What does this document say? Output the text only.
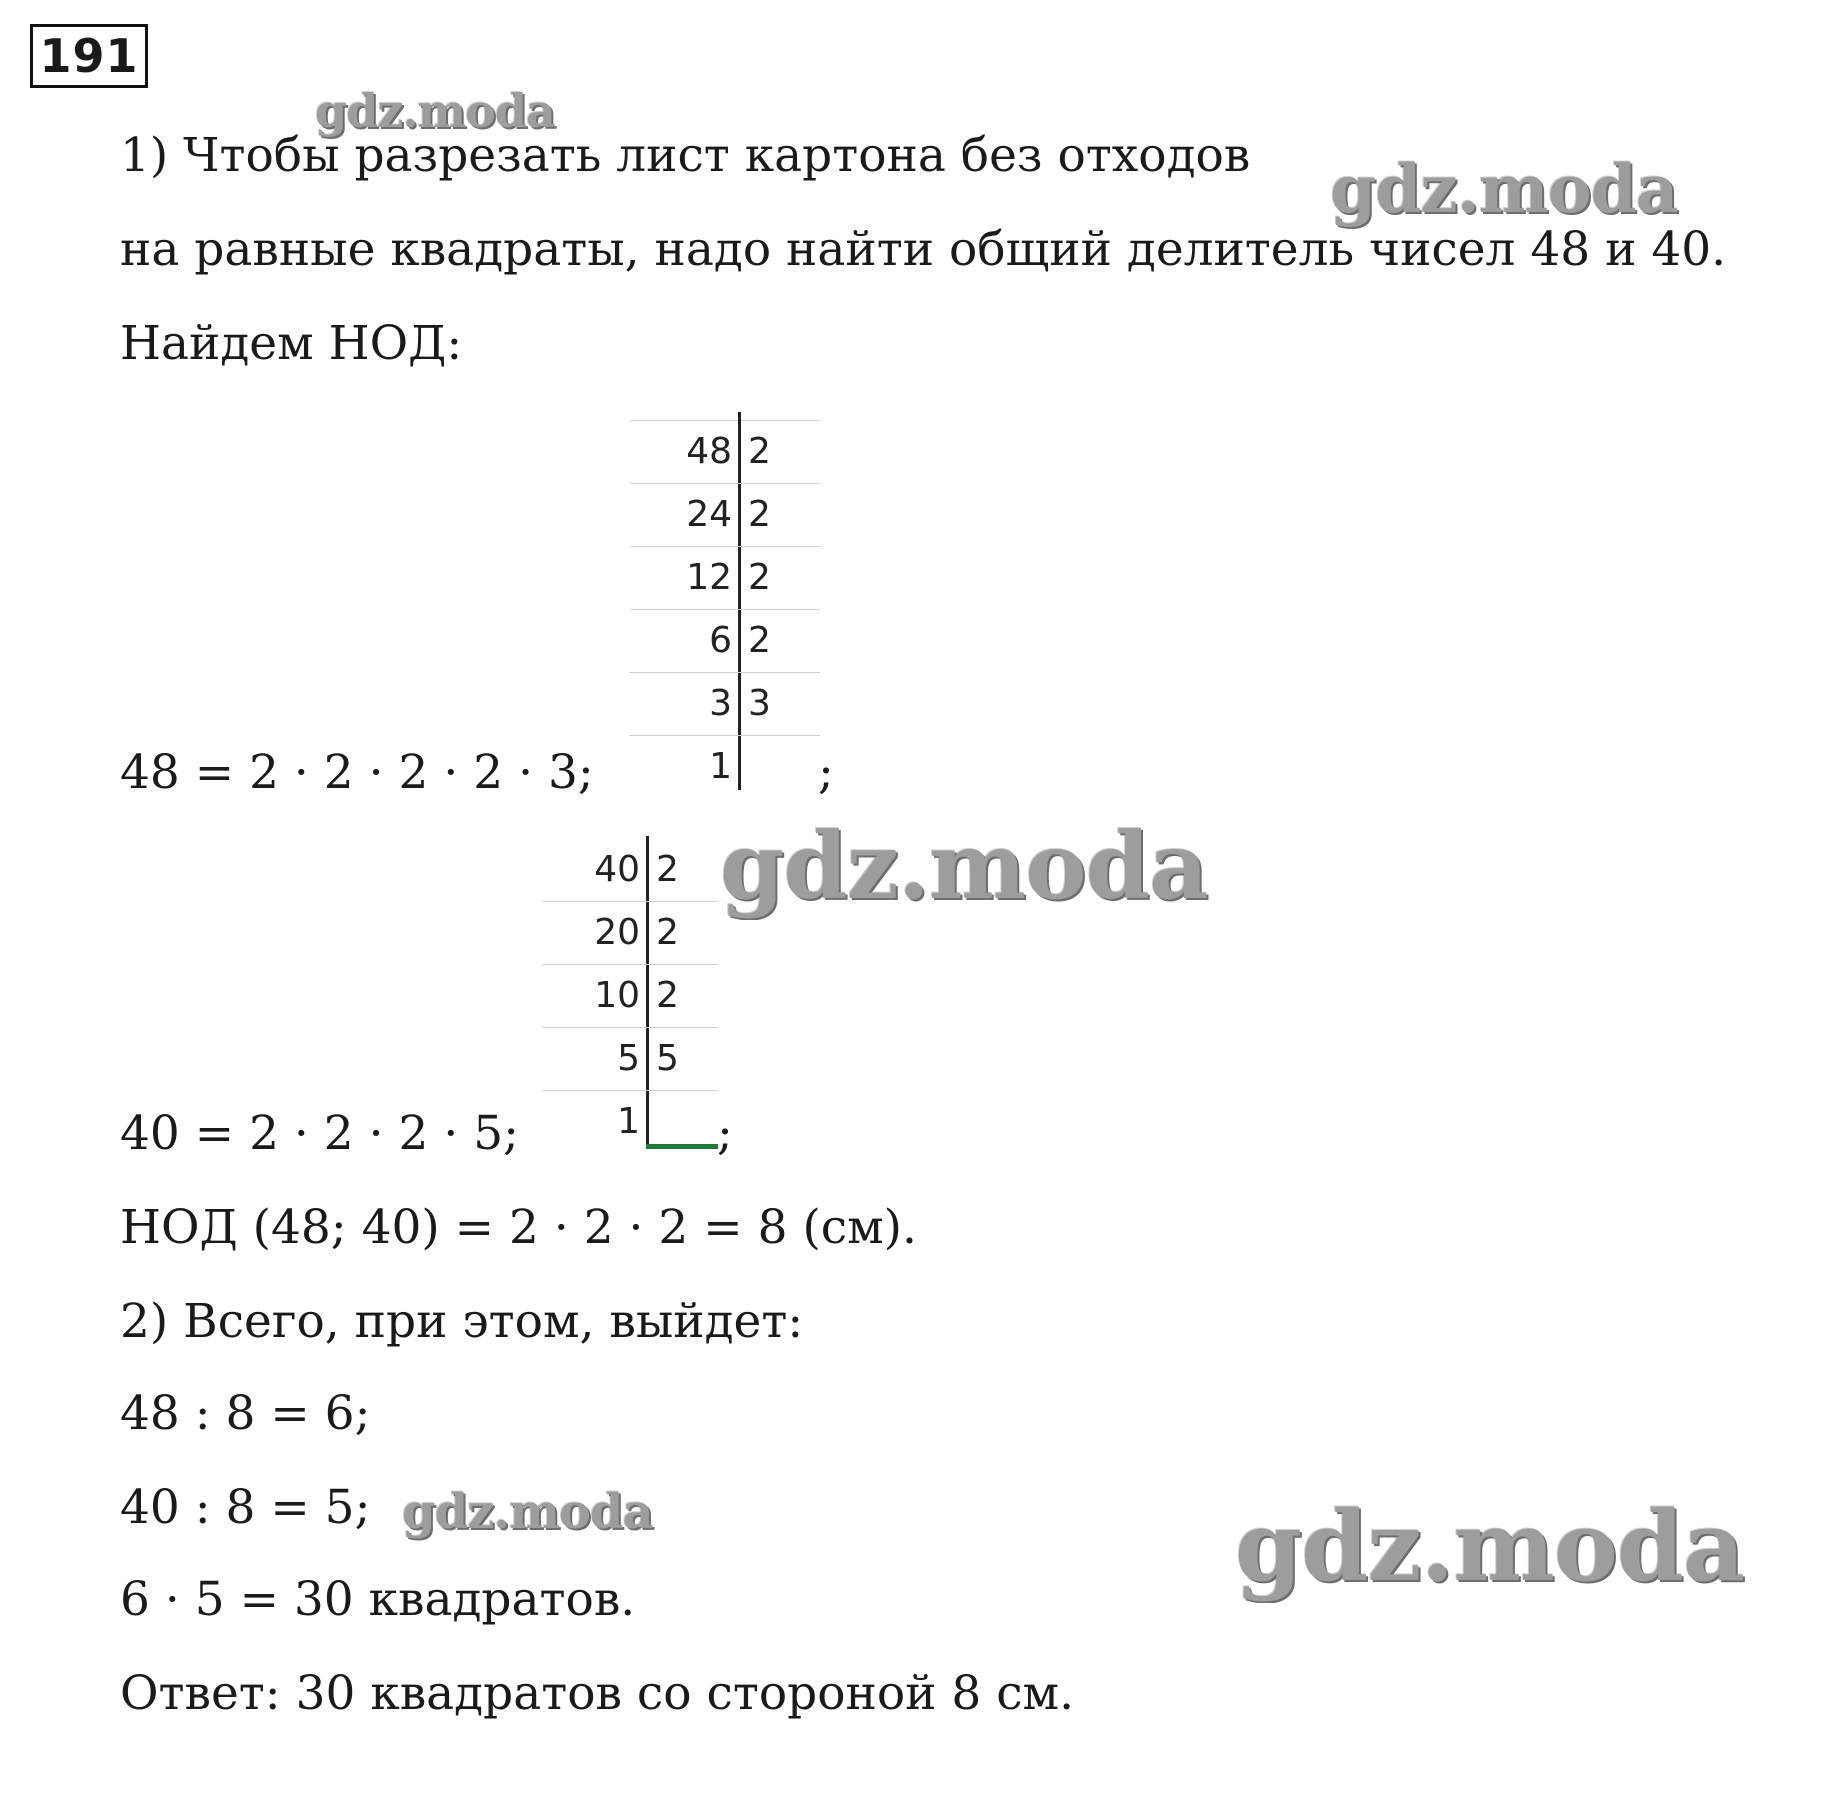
191
gdz.moda
gdz.moda
gdz.moda
gdz.moda	gdz.moda
1) Чтобы разрезать лист картона без отходов
на равные квадраты, надо найти общий делитель чисел 48 и 40.
Найдем НОД:
48 = 2 · 2 · 2 · 2 · 3;
40 = 2 · 2 · 2 · 5;
НОД (48; 40) = 2 · 2 · 2 = 8 (см).
2) Всего, при этом, выйдет:
48 : 8 = 6;
40 : 8 = 5;
6 · 5 = 30 квадратов.
Ответ: 30 квадратов со стороной 8 см.
48 2
24 2
12 2
6 2
3 3
1
40 2
20 2
10 2
5 5
1
;
;
